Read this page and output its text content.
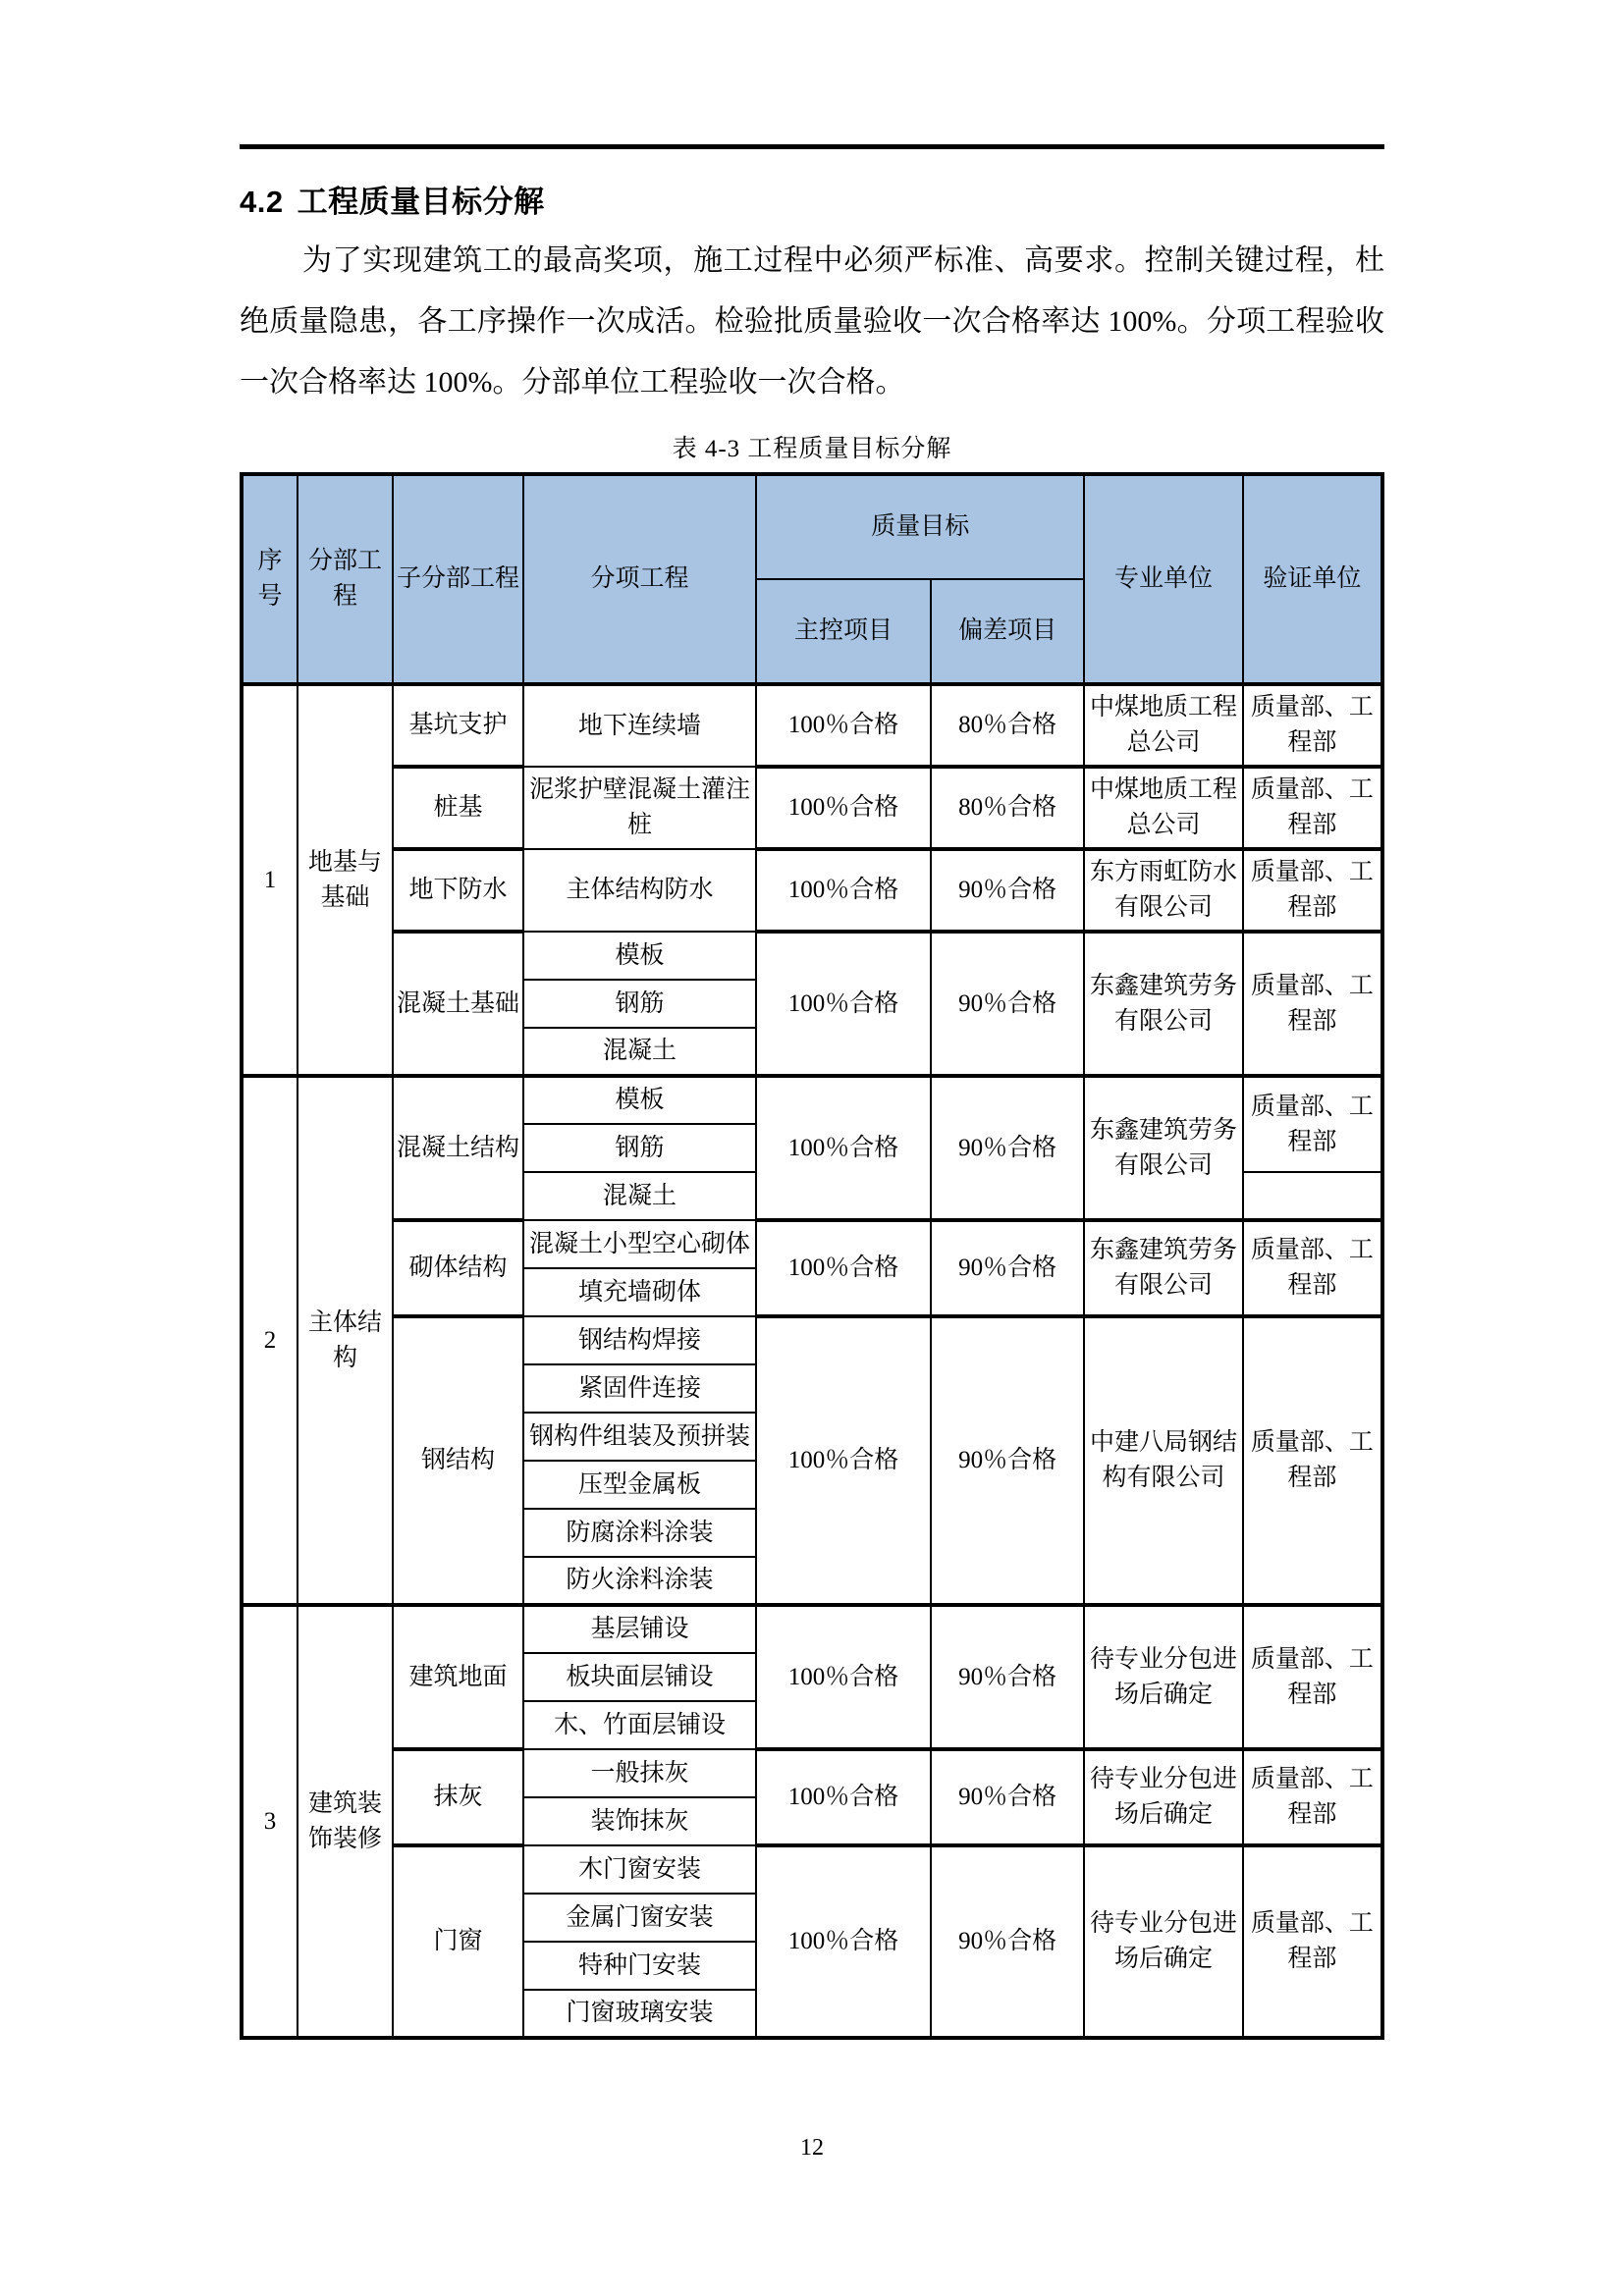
4.2 工程质量目标分解

为了实现建筑工的最高奖项，施工过程中必须严标准、高要求。控制关键过程，杜绝质量隐患，各工序操作一次成活。检验批质量验收一次合格率达 100%。分项工程验收一次合格率达 100%。分部单位工程验收一次合格。

表 4-3 工程质量目标分解
序号	分部工程	子分部工程	分项工程	质量目标		专业单位	验证单位
				主控项目	偏差项目		
1	地基与基础	基坑支护	地下连续墙	100％合格	80％合格	中煤地质工程总公司	质量部、工程部
		桩基	泥浆护壁混凝土灌注桩	100％合格	80％合格	中煤地质工程总公司	质量部、工程部
		地下防水	主体结构防水	100％合格	90％合格	东方雨虹防水有限公司	质量部、工程部
		混凝土基础	模板	100％合格	90％合格	东鑫建筑劳务有限公司	质量部、工程部
			钢筋				
			混凝土				
2	主体结构	混凝土结构	模板	100％合格	90％合格	东鑫建筑劳务有限公司	质量部、工程部
			钢筋				
			混凝土				
		砌体结构	混凝土小型空心砌体	100％合格	90％合格	东鑫建筑劳务有限公司	质量部、工程部
			填充墙砌体				
		钢结构	钢结构焊接	100％合格	90％合格	中建八局钢结构有限公司	质量部、工程部
			紧固件连接				
			钢构件组装及预拼装				
			压型金属板				
			防腐涂料涂装				
			防火涂料涂装				
3	建筑装饰装修	建筑地面	基层铺设	100％合格	90％合格	待专业分包进场后确定	质量部、工程部
			板块面层铺设				
			木、竹面层铺设				
		抹灰	一般抹灰	100％合格	90％合格	待专业分包进场后确定	质量部、工程部
			装饰抹灰				
		门窗	木门窗安装	100％合格	90％合格	待专业分包进场后确定	质量部、工程部
			金属门窗安装				
			特种门安装				
			门窗玻璃安装				
12
